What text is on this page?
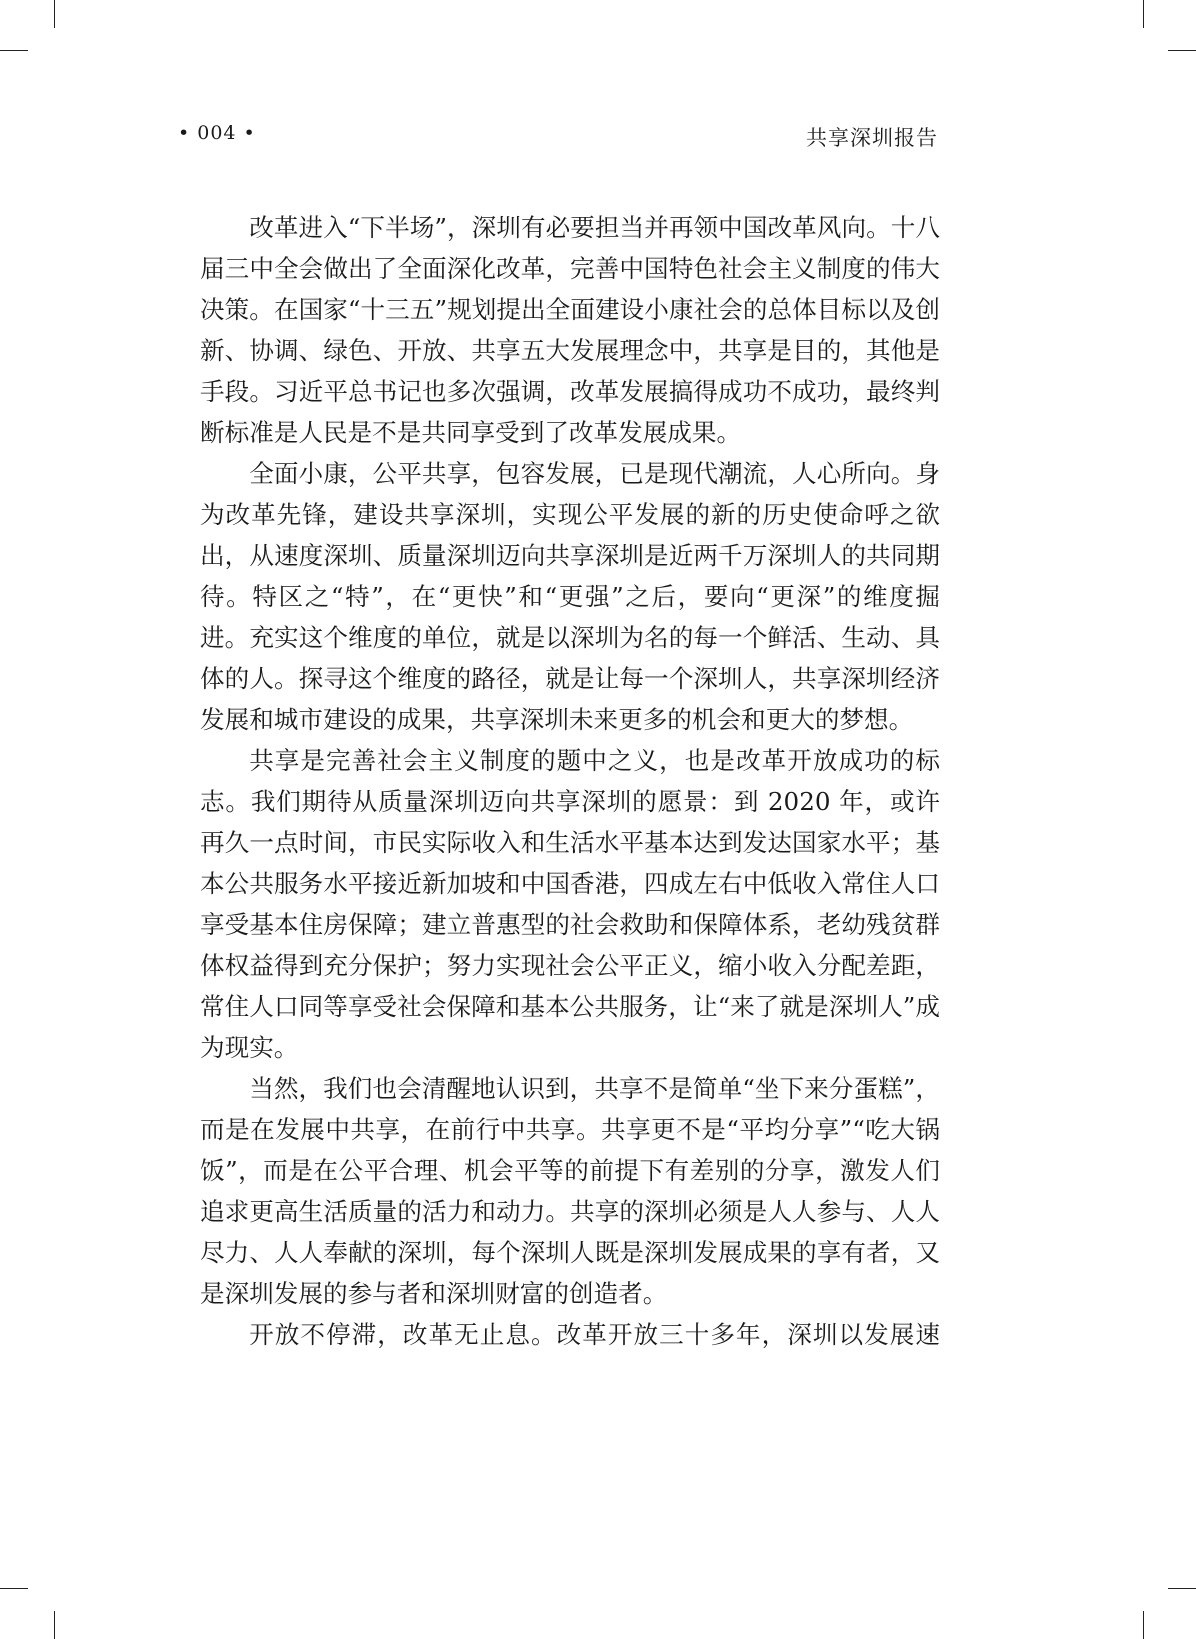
• 004 •	共享深圳报告

改革进入“下半场”，深圳有必要担当并再领中国改革风向。十八届三中全会做出了全面深化改革，完善中国特色社会主义制度的伟大决策。在国家“十三五”规划提出全面建设小康社会的总体目标以及创新、协调、绿色、开放、共享五大发展理念中，共享是目的，其他是手段。习近平总书记也多次强调，改革发展搞得成功不成功，最终判断标准是人民是不是共同享受到了改革发展成果。

全面小康，公平共享，包容发展，已是现代潮流，人心所向。身为改革先锋，建设共享深圳，实现公平发展的新的历史使命呼之欲出，从速度深圳、质量深圳迈向共享深圳是近两千万深圳人的共同期待。特区之“特”，在“更快”和“更强”之后，要向“更深”的维度掘进。充实这个维度的单位，就是以深圳为名的每一个鲜活、生动、具体的人。探寻这个维度的路径，就是让每一个深圳人，共享深圳经济发展和城市建设的成果，共享深圳未来更多的机会和更大的梦想。

共享是完善社会主义制度的题中之义，也是改革开放成功的标志。我们期待从质量深圳迈向共享深圳的愿景：到 2020 年，或许再久一点时间，市民实际收入和生活水平基本达到发达国家水平；基本公共服务水平接近新加坡和中国香港，四成左右中低收入常住人口享受基本住房保障；建立普惠型的社会救助和保障体系，老幼残贫群体权益得到充分保护；努力实现社会公平正义，缩小收入分配差距，常住人口同等享受社会保障和基本公共服务，让“来了就是深圳人”成为现实。

当然，我们也会清醒地认识到，共享不是简单“坐下来分蛋糕”，而是在发展中共享，在前行中共享。共享更不是“平均分享”“吃大锅饭”，而是在公平合理、机会平等的前提下有差别的分享，激发人们追求更高生活质量的活力和动力。共享的深圳必须是人人参与、人人尽力、人人奉献的深圳，每个深圳人既是深圳发展成果的享有者，又是深圳发展的参与者和深圳财富的创造者。

开放不停滞，改革无止息。改革开放三十多年，深圳以发展速
